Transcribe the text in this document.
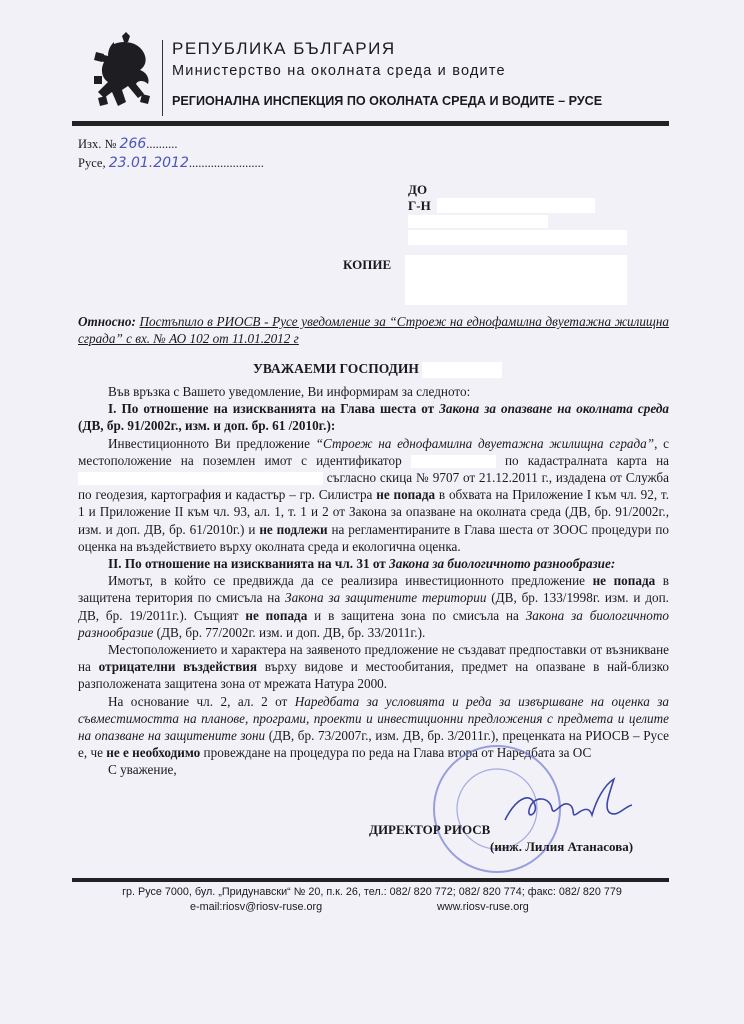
РЕПУБЛИКА БЪЛГАРИЯ
Министерство на околната среда и водите
РЕГИОНАЛНА ИНСПЕКЦИЯ ПО ОКОЛНАТА СРЕДА И ВОДИТЕ – РУСЕ
Изх. № 266..........
Русе, 23.01.2012........................
ДО
Г-Н
КОПИЕ
Относно: Постъпило в РИОСВ - Русе уведомление за “Строеж на еднофамилна двуетажна жилищна сграда” с вх. № АО 102 от 11.01.2012 г
УВАЖАЕМИ ГОСПОДИН

Във връзка с Вашето уведомление, Ви информирам за следното:

I. По отношение на изискванията на Глава шеста от Закона за опазване на околната среда (ДВ, бр. 91/2002г., изм. и доп. бр. 61 /2010г.):

Инвестиционното Ви предложение “Строеж на еднофамилна двуетажна жилищна сграда”, с местоположение на поземлен имот с идентификатор	по кадастралната карта на  съгласно скица № 9707 от 21.12.2011 г., издадена от Служба по геодезия, картография и кадастър – гр. Силистра не попада в обхвата на Приложение I към чл. 92, т. 1 и Приложение II към чл. 93, ал. 1, т. 1 и 2 от Закона за опазване на околната среда (ДВ, бр. 91/2002г., изм. и доп. ДВ, бр. 61/2010г.) и не подлежи на регламентираните в Глава шеста от ЗООС процедури по оценка на въздействието върху околната среда и екологична оценка.

II. По отношение на изискванията на чл. 31 от Закона за биологичното разнообразие:

Имотът, в който се предвижда да се реализира инвестиционното предложение не попада в защитена територия по смисъла на Закона за защитените територии (ДВ, бр. 133/1998г. изм. и доп. ДВ, бр. 19/2011г.). Същият не попада и в защитена зона по смисъла на Закона за биологичното разнообразие (ДВ, бр. 77/2002г. изм. и доп. ДВ, бр. 33/2011г.).

Местоположението и характера на заявеното предложение не създават предпоставки от възникване на отрицателни въздействия върху видове и местообитания, предмет на опазване в най-близко разположената защитена зона от мрежата Натура 2000.

На основание чл. 2, ал. 2 от Наредбата за условията и реда за извършване на оценка за съвместимостта на планове, програми, проекти и инвестиционни предложения с предмета и целите на опазване на защитените зони (ДВ, бр. 73/2007г., изм. ДВ, бр. 3/2011г.), преценката на РИОСВ – Русе е, че не е необходимо провеждане на процедура по реда на Глава втора от Наредбата за ОС

С уважение,

ДИРЕКТОР РИОСВ
(инж. Лилия Атанасова)
гр. Русе 7000, бул. „Придунавски“ № 20, п.к. 26, тел.: 082/ 820 772; 082/ 820 774; факс: 082/ 820 779
e-mail:riosv@riosv-ruse.org	www.riosv-ruse.org
